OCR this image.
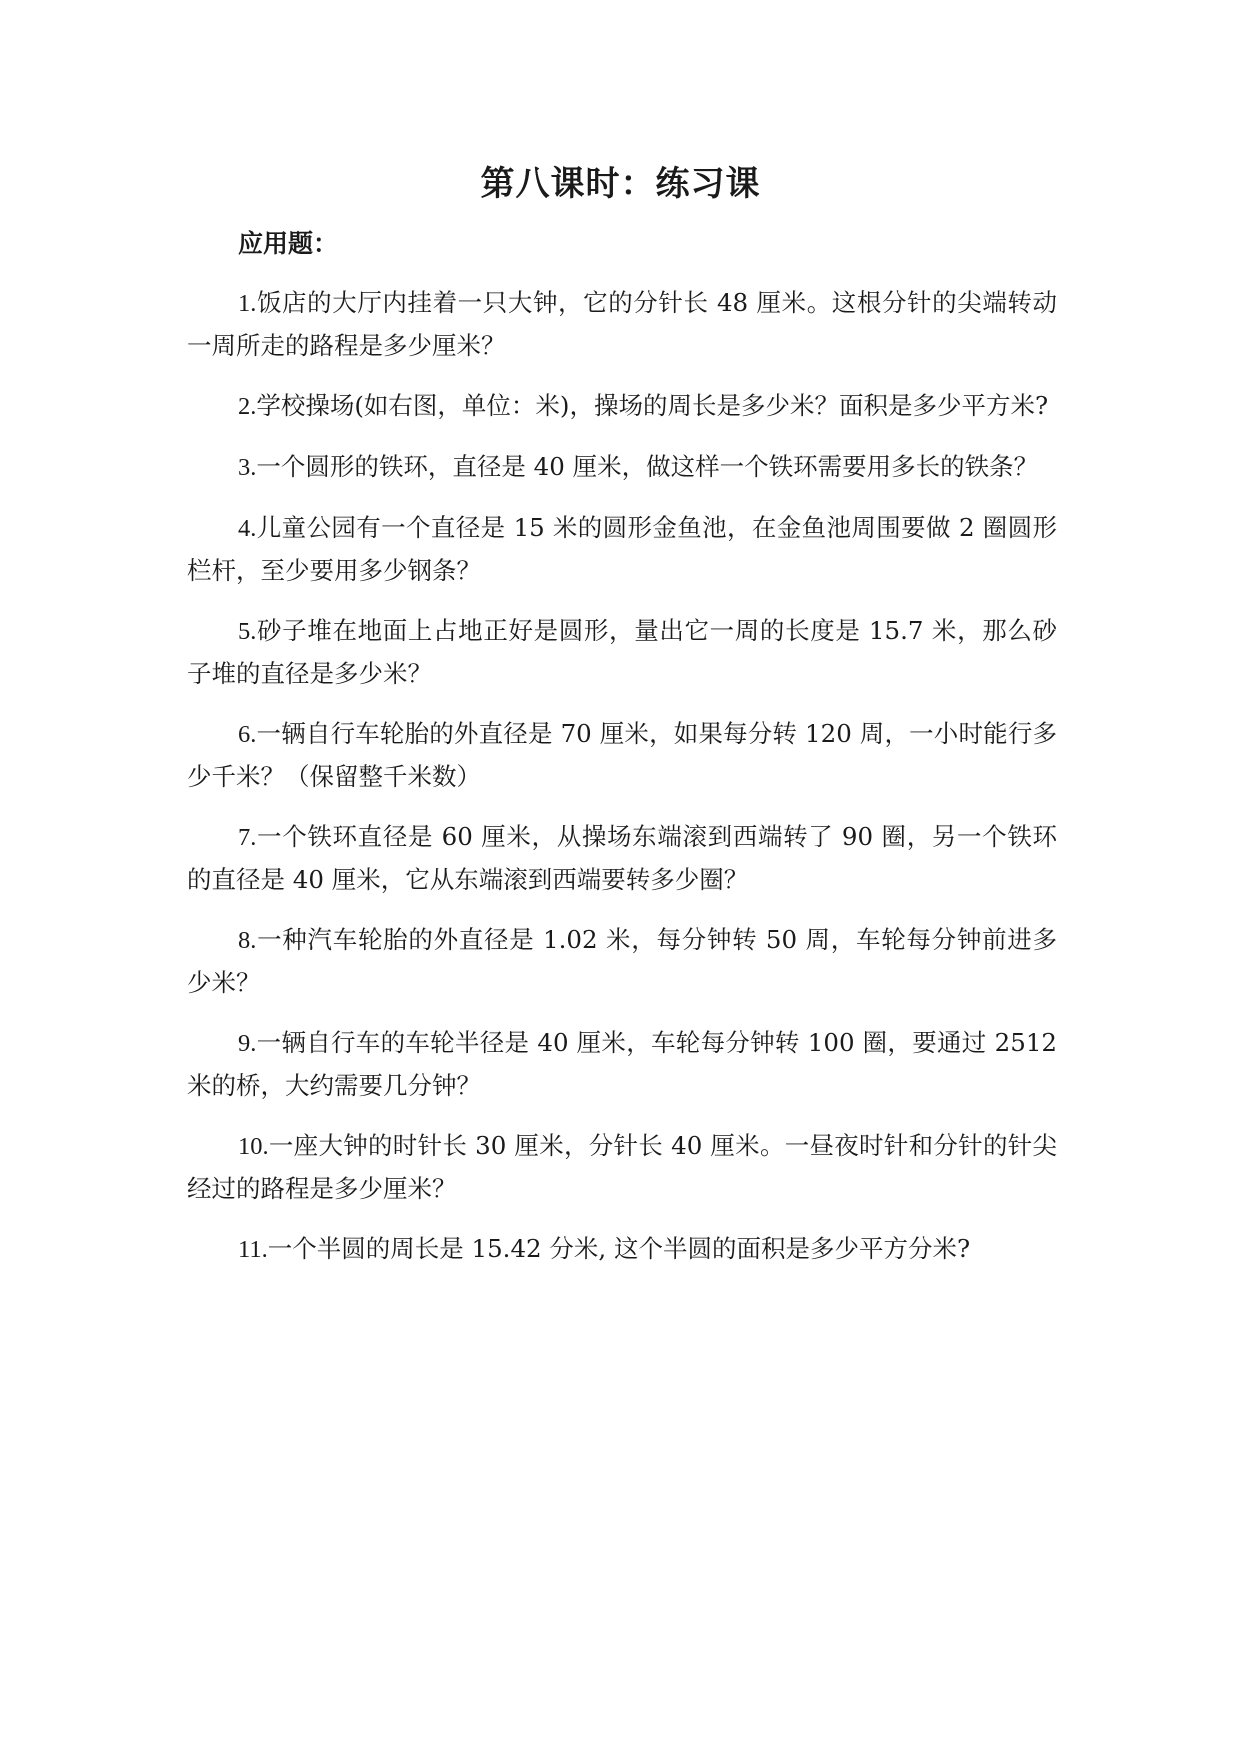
第八课时：练习课
应用题：

1.饭店的大厅内挂着一只大钟，它的分针长 48 厘米。这根分针的尖端转动一周所走的路程是多少厘米？

2.学校操场(如右图，单位：米)，操场的周长是多少米？面积是多少平方米?

3.一个圆形的铁环，直径是 40 厘米，做这样一个铁环需要用多长的铁条？

4.儿童公园有一个直径是 15 米的圆形金鱼池，在金鱼池周围要做 2 圈圆形栏杆，至少要用多少钢条？

5.砂子堆在地面上占地正好是圆形，量出它一周的长度是 15.7 米，那么砂子堆的直径是多少米？

6.一辆自行车轮胎的外直径是 70 厘米，如果每分转 120 周，一小时能行多少千米？（保留整千米数）

7.一个铁环直径是 60 厘米，从操场东端滚到西端转了 90 圈，另一个铁环的直径是 40 厘米，它从东端滚到西端要转多少圈？

8.一种汽车轮胎的外直径是 1.02 米，每分钟转 50 周，车轮每分钟前进多少米？

9.一辆自行车的车轮半径是 40 厘米，车轮每分钟转 100 圈，要通过 2512 米的桥，大约需要几分钟？

10.一座大钟的时针长 30 厘米，分针长 40 厘米。一昼夜时针和分针的针尖经过的路程是多少厘米？

11.一个半圆的周长是 15.42 分米, 这个半圆的面积是多少平方分米?
